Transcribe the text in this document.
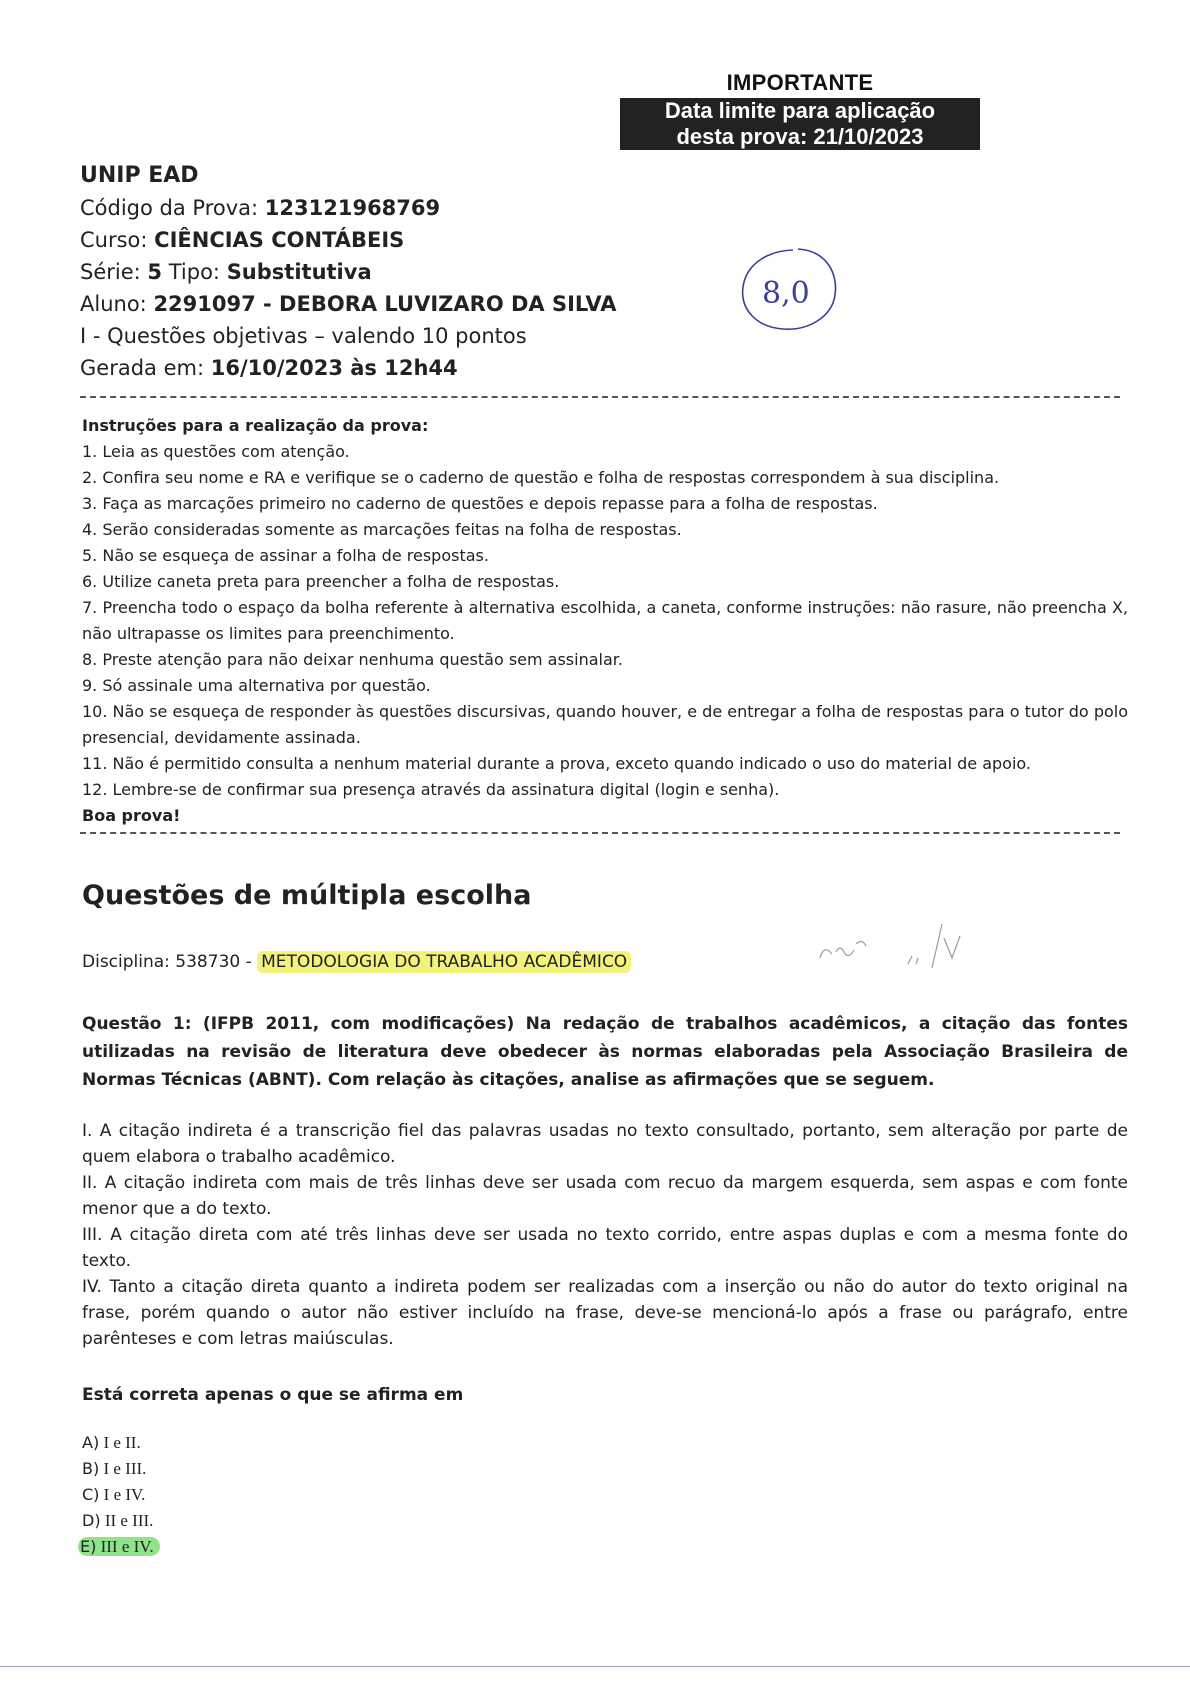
IMPORTANTE
Data limite para aplicação
desta prova: 21/10/2023
UNIP EAD
Código da Prova: 123121968769
Curso: CIÊNCIAS CONTÁBEIS
Série: 5 Tipo: Substitutiva
Aluno: 2291097 - DEBORA LUVIZARO DA SILVA
I - Questões objetivas – valendo 10 pontos
Gerada em: 16/10/2023 às 12h44
8,0

Instruções para a realização da prova:

1. Leia as questões com atenção.

2. Confira seu nome e RA e verifique se o caderno de questão e folha de respostas correspondem à sua disciplina.

3. Faça as marcações primeiro no caderno de questões e depois repasse para a folha de respostas.

4. Serão consideradas somente as marcações feitas na folha de respostas.

5. Não se esqueça de assinar a folha de respostas.

6. Utilize caneta preta para preencher a folha de respostas.

7. Preencha todo o espaço da bolha referente à alternativa escolhida, a caneta, conforme instruções: não rasure, não preencha X, não ultrapasse os limites para preenchimento.

8. Preste atenção para não deixar nenhuma questão sem assinalar.

9. Só assinale uma alternativa por questão.

10. Não se esqueça de responder às questões discursivas, quando houver, e de entregar a folha de respostas para o tutor do polo presencial, devidamente assinada.

11. Não é permitido consulta a nenhum material durante a prova, exceto quando indicado o uso do material de apoio.

12. Lembre-se de confirmar sua presença através da assinatura digital (login e senha).

Boa prova!

Questões de múltipla escolha
Disciplina: 538730 - METODOLOGIA DO TRABALHO ACADÊMICO
Questão 1: (IFPB 2011, com modificações) Na redação de trabalhos acadêmicos, a citação das fontes utilizadas na revisão de literatura deve obedecer às normas elaboradas pela Associação Brasileira de Normas Técnicas (ABNT). Com relação às citações, analise as afirmações que se seguem.

I. A citação indireta é a transcrição fiel das palavras usadas no texto consultado, portanto, sem alteração por parte de quem elabora o trabalho acadêmico.

II. A citação indireta com mais de três linhas deve ser usada com recuo da margem esquerda, sem aspas e com fonte menor que a do texto.

III. A citação direta com até três linhas deve ser usada no texto corrido, entre aspas duplas e com a mesma fonte do texto.

IV. Tanto a citação direta quanto a indireta podem ser realizadas com a inserção ou não do autor do texto original na frase, porém quando o autor não estiver incluído na frase, deve-se mencioná-lo após a frase ou parágrafo, entre parênteses e com letras maiúsculas.

Está correta apenas o que se afirma em
A) I e II.
B) I e III.
C) I e IV.
D) II e III.
E) III e IV.
